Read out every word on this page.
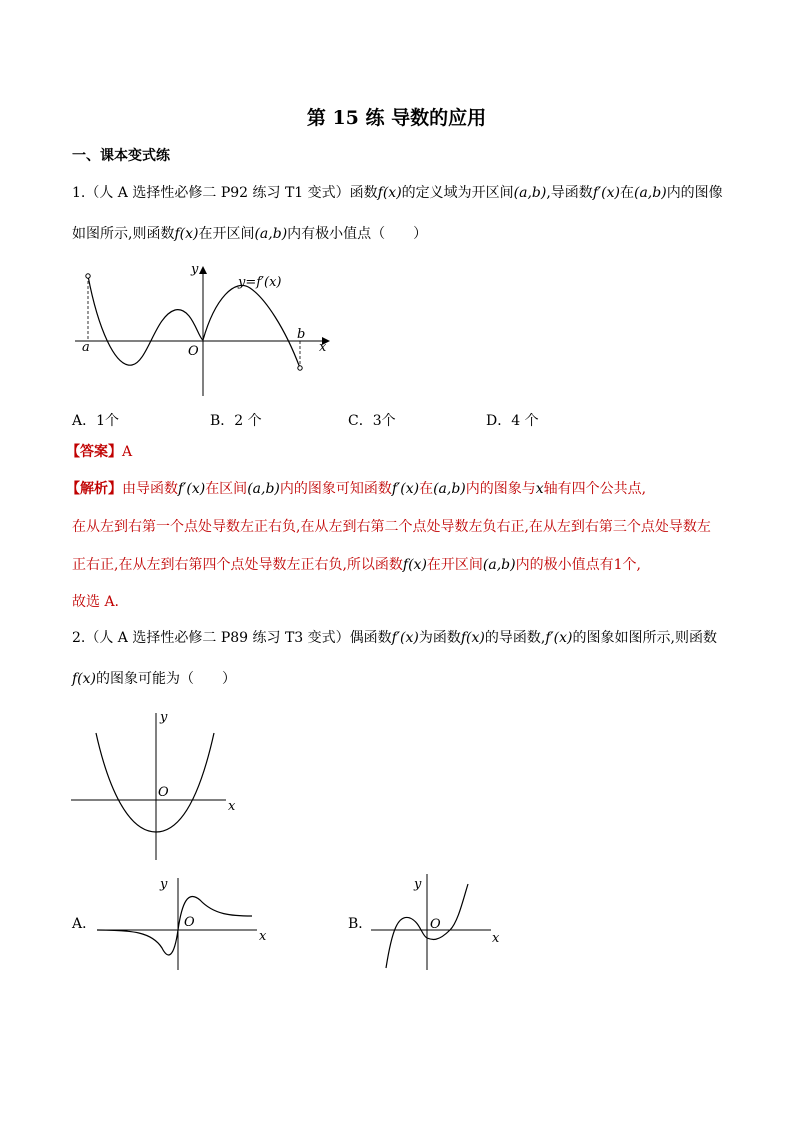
第 15 练 导数的应用
一、课本变式练
1.（人 A 选择性必修二 P92 练习 T1 变式）函数f(x)的定义域为开区间(a,b),导函数f′(x)在(a,b)内的图像
如图所示,则函数f(x)在开区间(a,b)内有极小值点（　　）
y
x
O
a
b
y=f′(x)
A．1个	B．2 个	C．3个	D．4 个
【答案】A
【解析】由导函数f′(x)在区间(a,b)内的图象可知函数f′(x)在(a,b)内的图象与x轴有四个公共点,
在从左到右第一个点处导数左正右负,在从左到右第二个点处导数左负右正,在从左到右第三个点处导数左
正右正,在从左到右第四个点处导数左正右负,所以函数f(x)在开区间(a,b)内的极小值点有1个,
故选 A.
2.（人 A 选择性必修二 P89 练习 T3 变式）偶函数f′(x)为函数f(x)的导函数,f′(x)的图象如图所示,则函数
f(x)的图象可能为（　　）
y
x
O
A．
y
x
O	B．
y
x
O
